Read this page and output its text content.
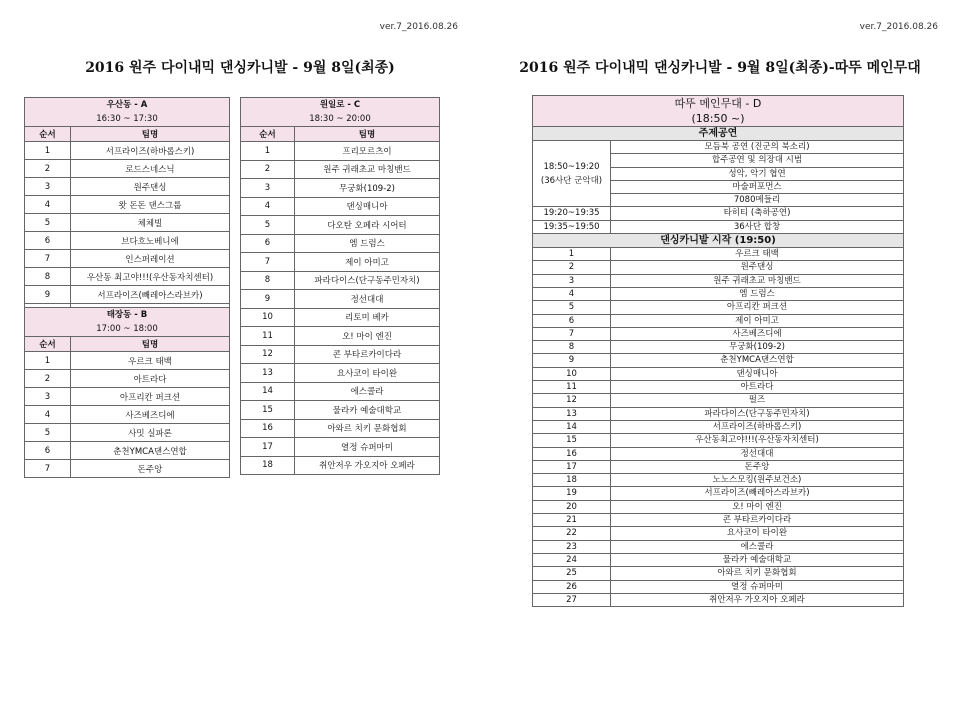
ver.7_2016.08.26
2016 원주 다이내믹 댄싱카니발 - 9월 8일(최종)
우산동 - A
16:30 ~ 17:30	

순서	팀명
1	서프라이즈(하바롭스키)
2	로드스네스닉
3	원주댄싱
4	왓 돈돈 댄스그룹
5	체체빌
6	브다흐노베니에
7	인스퍼레이션
8	우산동 최고야!!!(우산동자치센터)
9	서프라이즈(빼레아스라브카)

태장동 - B
17:00 ~ 18:00	

순서	팀명
1	우르크 태백
2	아트라다
3	아프리칸 퍼크션
4	사즈베즈디에
5	사밋 실파론
6	춘천YMCA댄스연합
7	돈주앙
원일로 - C
18:30 ~ 20:00	

순서	팀명
1	프리모르츠이
2	원주 귀래초교 마칭밴드
3	무궁화(109-2)
4	댄싱매니아
5	다오탄 오페라 시어터
6	엠 드럼스
7	제이 아미고
8	파라다이스(단구동주민자치)
9	정선대대
10	리토미 베카
11	오! 마이 엔진
12	콘 부타르카이다라
13	요사코이 타이완
14	에스콜라
15	물라카 예술대학교
16	아와르 치키 문화협회
17	열정 슈퍼마미
18	취안저우 가오지아 오페라
ver.7_2016.08.26
2016 원주 다이내믹 댄싱카니발 - 9월 8일(최종)-따뚜 메인무대
따뚜 메인무대 - D
(18:50 ~)	

주제공연	

18:50~19:20
(36사단 군악대)	모듬북 공연 (진군의 북소리)
	합주공연 및 의장대 시범
	성악, 악기 협연
	마술퍼포먼스
	7080메들리
19:20~19:35	타히티 (축하공연)
19:35~19:50	36사단 합창
댄싱카니발 시작 (19:50)	
1	우르크 태백
2	원주댄싱
3	원주 귀래초교 마칭밴드
4	엠 드럼스
5	아프리칸 퍼크션
6	제이 아미고
7	사즈베즈디에
8	무궁화(109-2)
9	춘천YMCA댄스연합
10	댄싱매니아
11	아트라다
12	펄즈
13	파라다이스(단구동주민자치)
14	서프라이즈(하바롭스키)
15	우산동최고야!!!(우산동자치센터)
16	정선대대
17	돈주앙
18	노노스모킹(원주보건소)
19	서프라이즈(빼레아스라브카)
20	오! 마이 엔진
21	콘 부타르카이다라
22	요사코이 타이완
23	에스콜라
24	물라카 예술대학교
25	아와르 치키 문화협회
26	열정 슈퍼마미
27	취안저우 가오지아 오페라
